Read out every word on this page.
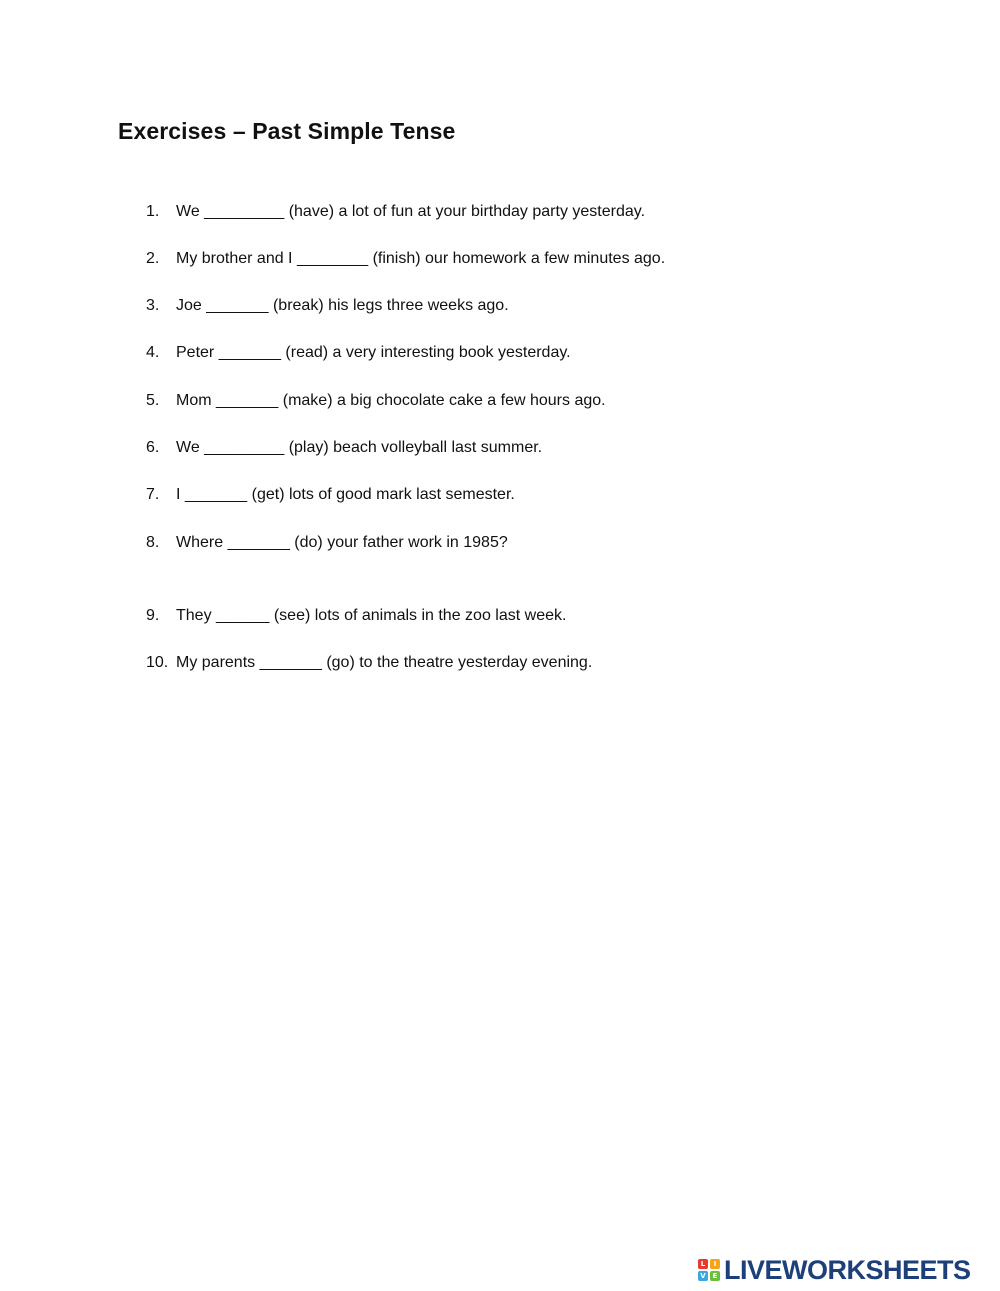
Exercises – Past Simple Tense
1. We _________ (have) a lot of fun at your birthday party yesterday.
2. My brother and I ________ (finish) our homework a few minutes ago.
3. Joe _______ (break) his legs three weeks ago.
4. Peter _______ (read) a very interesting book yesterday.
5. Mom _______ (make) a big chocolate cake a few hours ago.
6. We _________ (play) beach volleyball last summer.
7. I _______ (get) lots of good mark last semester.
8. Where _______ (do) your father work in 1985?
9. They ______ (see) lots of animals in the zoo last week.
10. My parents _______ (go) to the theatre yesterday evening.
L	I
V E LIVEWORKSHEETS
